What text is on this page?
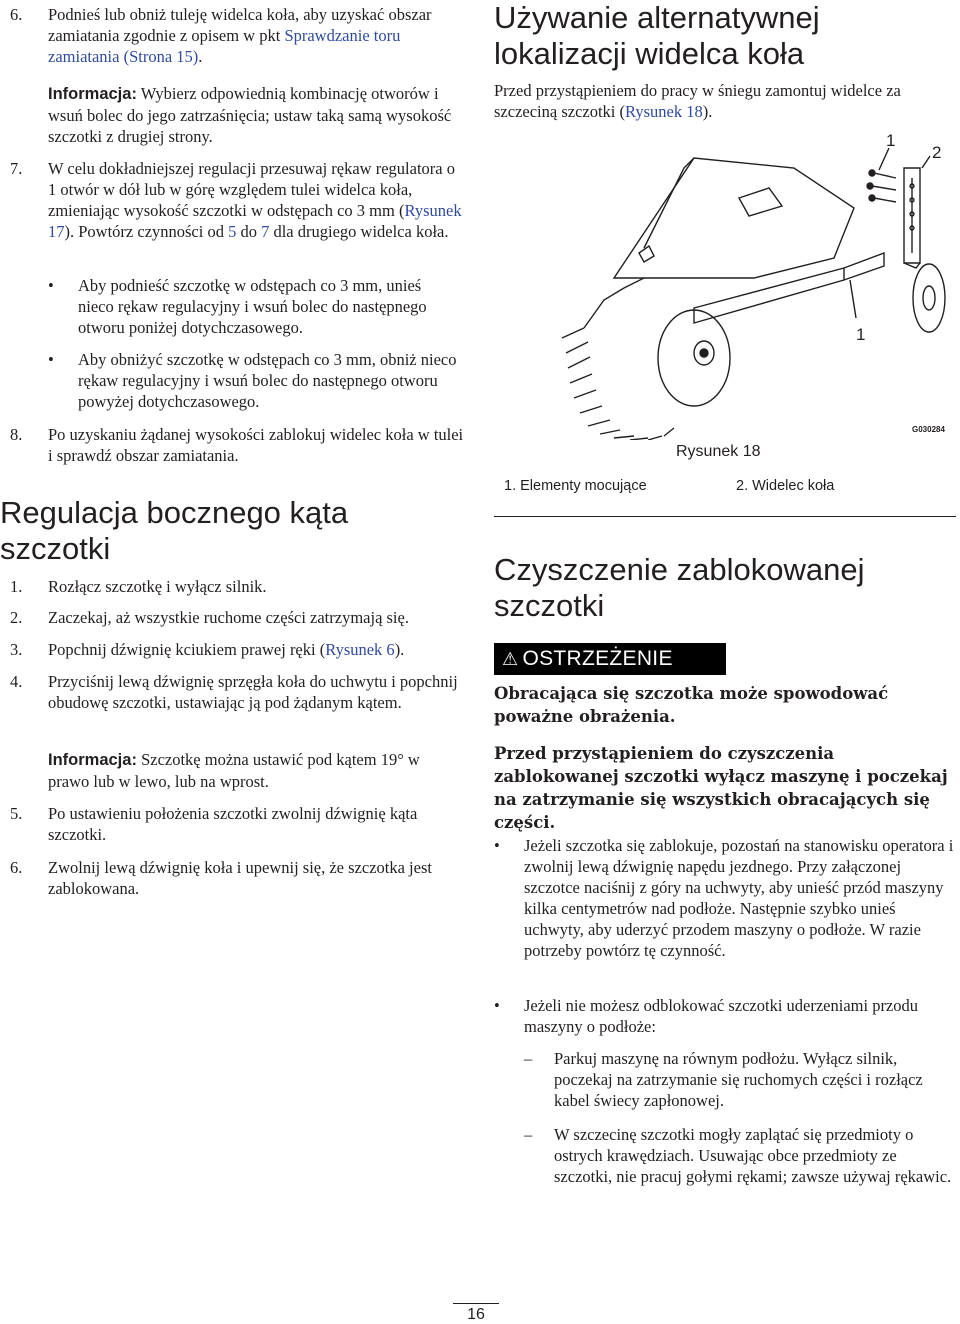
6. Podnieś lub obniż tuleję widelca koła, aby uzyskać obszar zamiatania zgodnie z opisem w pkt Sprawdzanie toru zamiatania (Strona 15).
Informacja: Wybierz odpowiednią kombinację otworów i wsuń bolec do jego zatrzaśnięcia; ustaw taką samą wysokość szczotki z drugiej strony.
7. W celu dokładniejszej regulacji przesuwaj rękaw regulatora o 1 otwór w dół lub w górę względem tulei widelca koła, zmieniając wysokość szczotki w odstępach co 3 mm (Rysunek 17). Powtórz czynności od 5 do 7 dla drugiego widelca koła.
• Aby podnieść szczotkę w odstępach co 3 mm, unieś nieco rękaw regulacyjny i wsuń bolec do następnego otworu poniżej dotychczasowego.
• Aby obniżyć szczotkę w odstępach co 3 mm, obniż nieco rękaw regulacyjny i wsuń bolec do następnego otworu powyżej dotychczasowego.
8. Po uzyskaniu żądanej wysokości zablokuj widelec koła w tulei i sprawdź obszar zamiatania.
Regulacja bocznego kąta szczotki
1. Rozłącz szczotkę i wyłącz silnik.
2. Zaczekaj, aż wszystkie ruchome części zatrzymają się.
3. Popchnij dźwignię kciukiem prawej ręki (Rysunek 6).
4. Przyciśnij lewą dźwignię sprzęgła koła do uchwytu i popchnij obudowę szczotki, ustawiając ją pod żądanym kątem.
Informacja: Szczotkę można ustawić pod kątem 19° w prawo lub w lewo, lub na wprost.
5. Po ustawieniu położenia szczotki zwolnij dźwignię kąta szczotki.
6. Zwolnij lewą dźwignię koła i upewnij się, że szczotka jest zablokowana.
Używanie alternatywnej lokalizacji widelca koła
Przed przystąpieniem do pracy w śniegu zamontuj widelce za szczeciną szczotki (Rysunek 18).
1
2
1
G030284
Rysunek 18
1. Elementy mocujące	2. Widelec koła
Czyszczenie zablokowanej szczotki
⚠ OSTRZEŻENIE
Obracająca się szczotka może spowodować poważne obrażenia.
Przed przystąpieniem do czyszczenia zablokowanej szczotki wyłącz maszynę i poczekaj na zatrzymanie się wszystkich obracających się części.
• Jeżeli szczotka się zablokuje, pozostań na stanowisku operatora i zwolnij lewą dźwignię napędu jezdnego. Przy załączonej szczotce naciśnij z góry na uchwyty, aby unieść przód maszyny kilka centymetrów nad podłoże. Następnie szybko unieś uchwyty, aby uderzyć przodem maszyny o podłoże. W razie potrzeby powtórz tę czynność.
• Jeżeli nie możesz odblokować szczotki uderzeniami przodu maszyny o podłoże:
– Parkuj maszynę na równym podłożu. Wyłącz silnik, poczekaj na zatrzymanie się ruchomych części i rozłącz kabel świecy zapłonowej.
– W szczecinę szczotki mogły zaplątać się przedmioty o ostrych krawędziach. Usuwając obce przedmioty ze szczotki, nie pracuj gołymi rękami; zawsze używaj rękawic.
16
